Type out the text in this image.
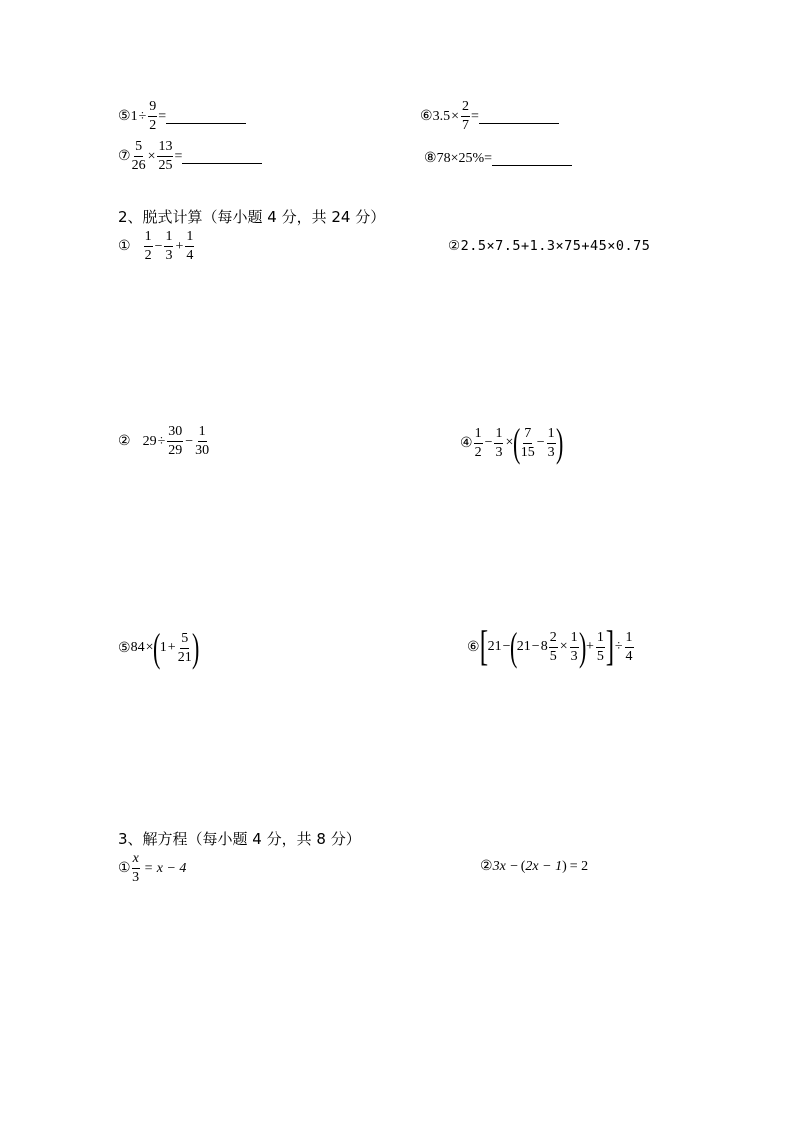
⑤ $1 \div \frac{9}{2}$ =	⑥ $3.5 \times \frac{2}{7}$ =
⑦ $\frac{5}{26} \times \frac{13}{25}$ =	⑧ 78×25%=
2、脱式计算（每小题 4 分，共 24 分）
① $\frac{1}{2} - \frac{1}{3} + \frac{1}{4}$	② 2.5×7.5+1.3×75+45×0.75
② $29 \div \frac{30}{29} - \frac{1}{30}$	④ $\frac{1}{2} - \frac{1}{3}$ × ( $\frac{7}{15} - \frac{1}{3}$ )
⑤ 84 × (
$1 + \frac{5}{21}$ )	⑥ [ 21 − (
$21 - 8 \frac{2}{5} \times \frac{1}{3}$ ) + $\frac{1}{5}$ ] ÷ $\frac{1}{4}$
3、解方程（每小题 4 分，共 8 分）
① $\frac{x}{3} = x - 4$	② 3x − ( 2x − 1 ) = 2
